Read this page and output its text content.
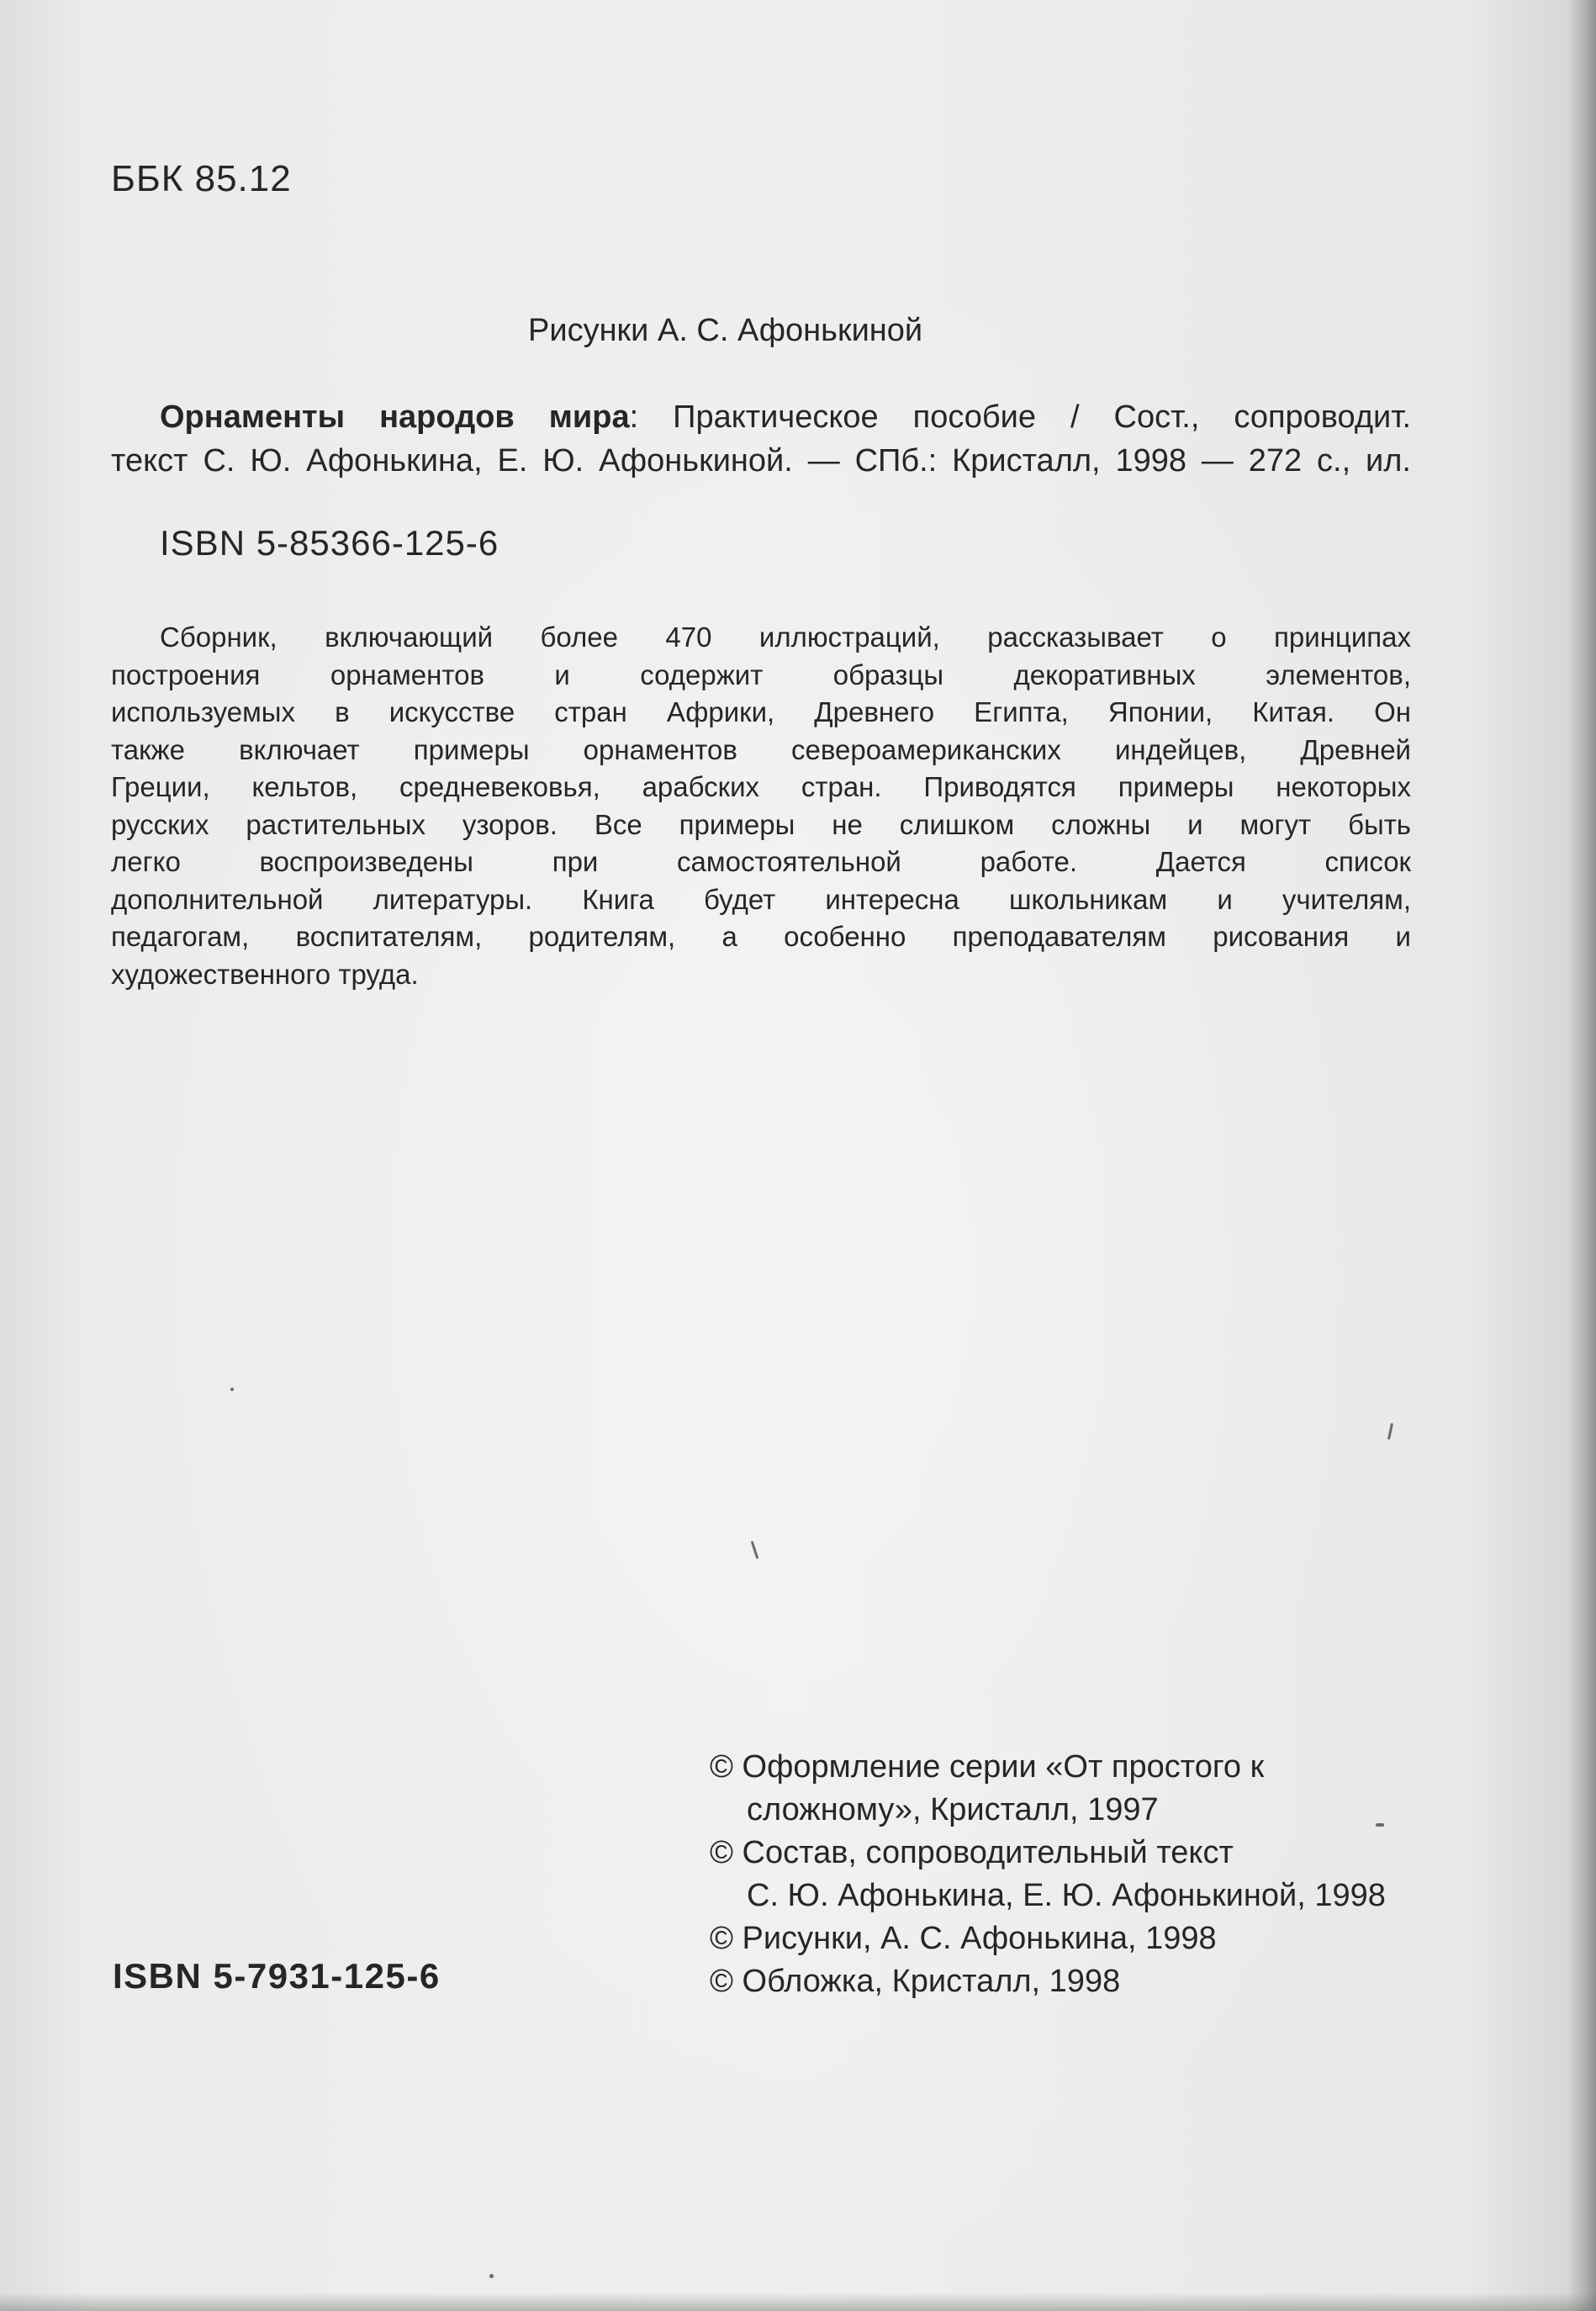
ББК 85.12
Рисунки А. С. Афонькиной
Орнаменты народов мира: Практическое пособие / Сост., сопроводит.
текст С. Ю. Афонькина, Е. Ю. Афонькиной. — СПб.: Кристалл, 1998 — 272 с., ил.
ISBN 5-85366-125-6
Сборник, включающий более 470 иллюстраций, рассказывает о принципах
построения орнаментов и содержит образцы декоративных элементов,
используемых в искусстве стран Африки, Древнего Египта, Японии, Китая. Он
также включает примеры орнаментов североамериканских индейцев, Древней
Греции, кельтов, средневековья, арабских стран. Приводятся примеры некоторых
русских растительных узоров. Все примеры не слишком сложны и могут быть
легко воспроизведены при самостоятельной работе. Дается список
дополнительной литературы. Книга будет интересна школьникам и учителям,
педагогам, воспитателям, родителям, а особенно преподавателям рисования и
художественного труда.
© Оформление серии «От простого к
сложному», Кристалл, 1997
© Состав, сопроводительный текст
С. Ю. Афонькина, Е. Ю. Афонькиной, 1998
© Рисунки, А. С. Афонькина, 1998
© Обложка, Кристалл, 1998
ISBN 5-7931-125-6
